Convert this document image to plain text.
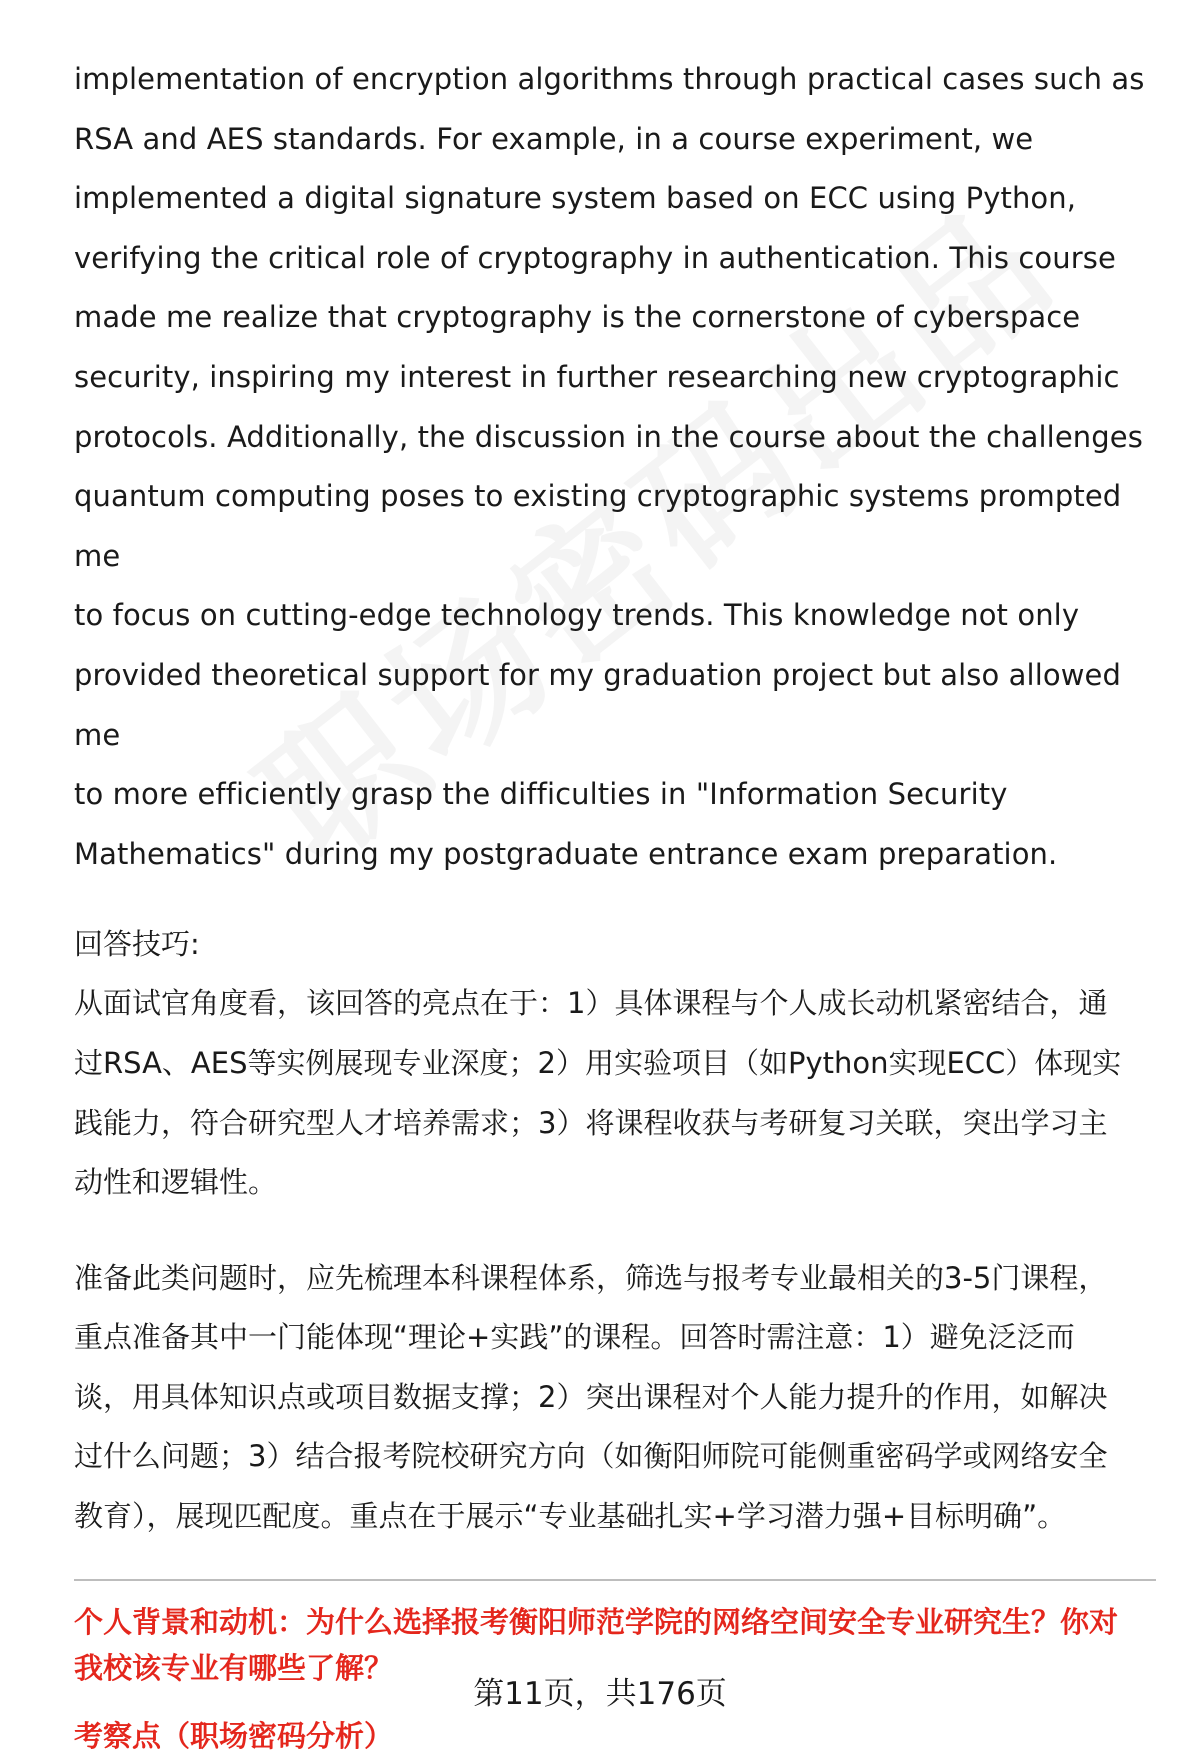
implementation of encryption algorithms through practical cases such as
RSA and AES standards. For example, in a course experiment, we
implemented a digital signature system based on ECC using Python,
verifying the critical role of cryptography in authentication. This course
made me realize that cryptography is the cornerstone of cyberspace
security, inspiring my interest in further researching new cryptographic
protocols. Additionally, the discussion in the course about the challenges
quantum computing poses to existing cryptographic systems prompted me
to focus on cutting-edge technology trends. This knowledge not only
provided theoretical support for my graduation project but also allowed me
to more efficiently grasp the difficulties in "Information Security
Mathematics" during my postgraduate entrance exam preparation.

回答技巧:

从面试官角度看，该回答的亮点在于：1）具体课程与个人成长动机紧密结合，通
过RSA、AES等实例展现专业深度；2）用实验项目（如Python实现ECC）体现实
践能力，符合研究型人才培养需求；3）将课程收获与考研复习关联，突出学习主
动性和逻辑性。

准备此类问题时，应先梳理本科课程体系，筛选与报考专业最相关的3-5门课程，
重点准备其中一门能体现“理论+实践”的课程。回答时需注意：1）避免泛泛而
谈，用具体知识点或项目数据支撑；2）突出课程对个人能力提升的作用，如解决
过什么问题；3）结合报考院校研究方向（如衡阳师院可能侧重密码学或网络安全
教育），展现匹配度。重点在于展示“专业基础扎实+学习潜力强+目标明确”。

个人背景和动机：为什么选择报考衡阳师范学院的网络空间安全专业研究生？你对
我校该专业有哪些了解？

考察点（职场密码分析）

第11页，共176页
